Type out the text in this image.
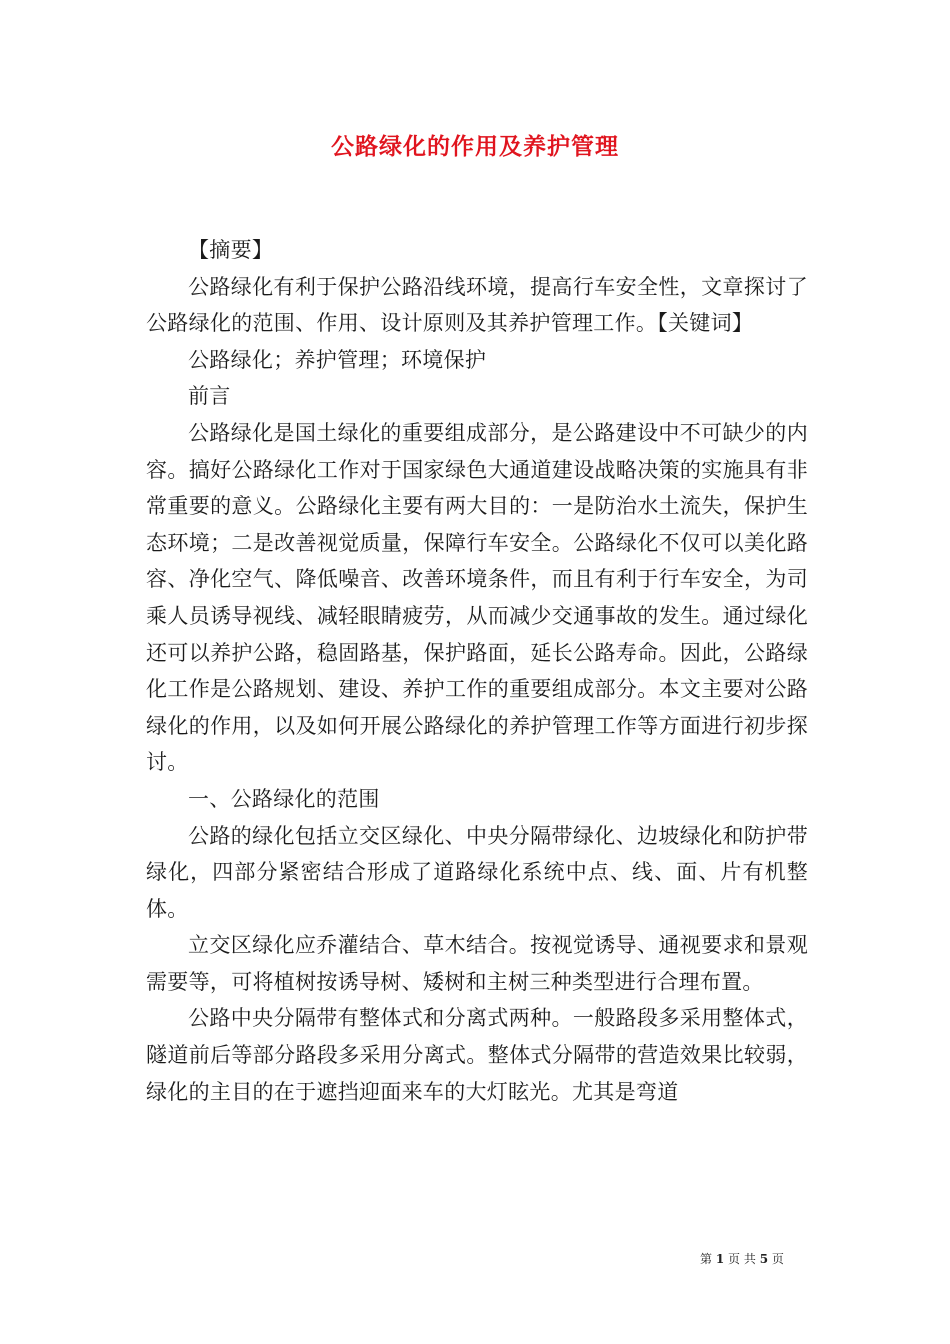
公路绿化的作用及养护管理

【摘要】

公路绿化有利于保护公路沿线环境，提高行车安全性，文章探讨了公路绿化的范围、作用、设计原则及其养护管理工作。【关键词】

公路绿化；养护管理；环境保护

前言

公路绿化是国土绿化的重要组成部分，是公路建设中不可缺少的内容。搞好公路绿化工作对于国家绿色大通道建设战略决策的实施具有非常重要的意义。公路绿化主要有两大目的：一是防治水土流失，保护生态环境；二是改善视觉质量，保障行车安全。公路绿化不仅可以美化路容、净化空气、降低噪音、改善环境条件，而且有利于行车安全，为司乘人员诱导视线、减轻眼睛疲劳，从而减少交通事故的发生。通过绿化还可以养护公路，稳固路基，保护路面，延长公路寿命。因此，公路绿化工作是公路规划、建设、养护工作的重要组成部分。本文主要对公路绿化的作用，以及如何开展公路绿化的养护管理工作等方面进行初步探讨。

一、公路绿化的范围

公路的绿化包括立交区绿化、中央分隔带绿化、边坡绿化和防护带绿化，四部分紧密结合形成了道路绿化系统中点、线、面、片有机整体。

立交区绿化应乔灌结合、草木结合。按视觉诱导、通视要求和景观需要等，可将植树按诱导树、矮树和主树三种类型进行合理布置。

公路中央分隔带有整体式和分离式两种。一般路段多采用整体式，隧道前后等部分路段多采用分离式。整体式分隔带的营造效果比较弱，绿化的主目的在于遮挡迎面来车的大灯眩光。尤其是弯道

第 1 页 共 5 页
